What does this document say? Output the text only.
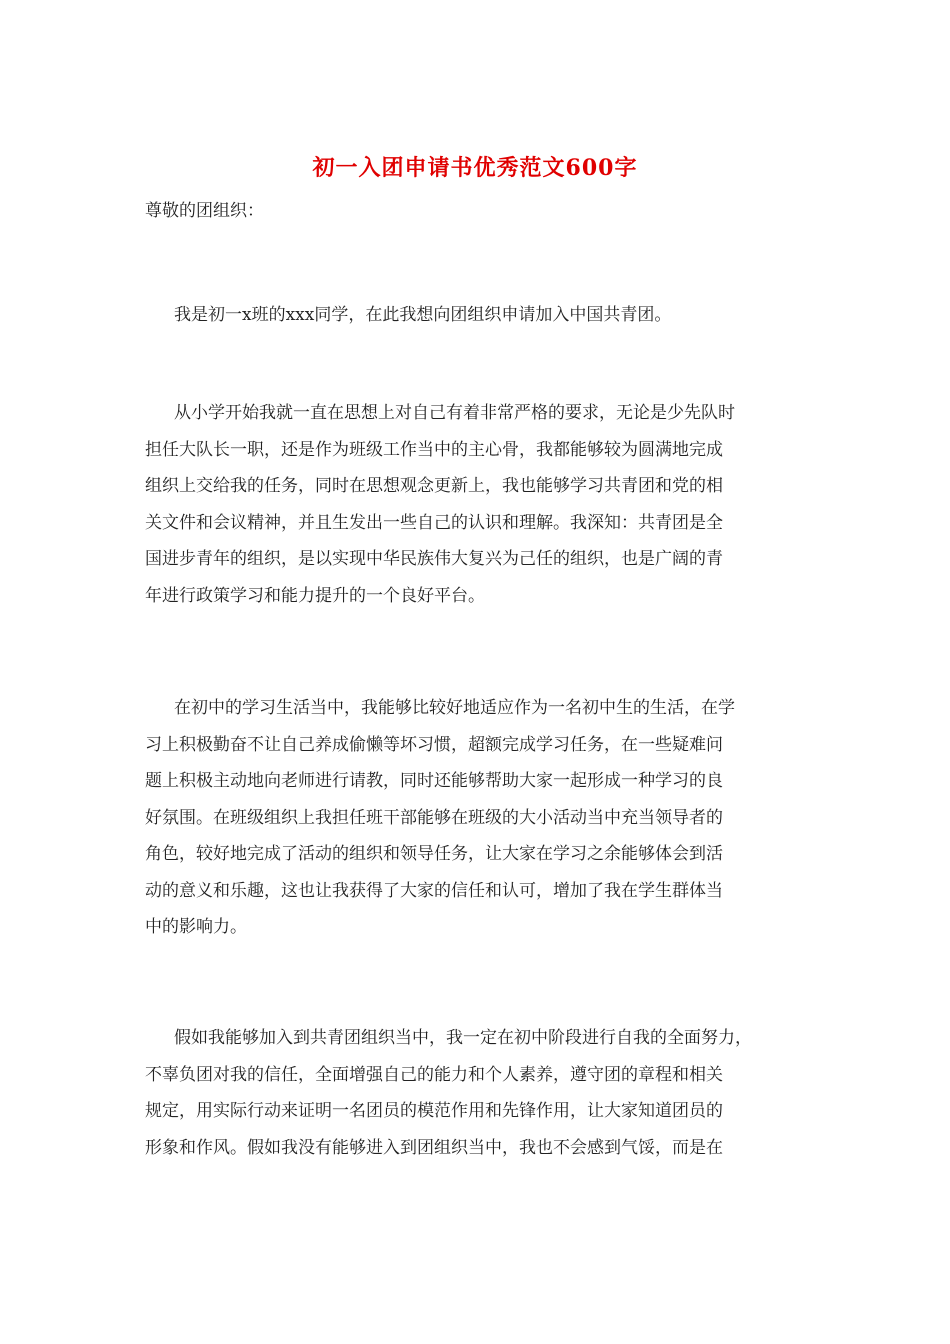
初一入团申请书优秀范文600字
尊敬的团组织：
我是初一x班的xxx同学，在此我想向团组织申请加入中国共青团。
从小学开始我就一直在思想上对自己有着非常严格的要求，无论是少先队时
担任大队长一职，还是作为班级工作当中的主心骨，我都能够较为圆满地完成
组织上交给我的任务，同时在思想观念更新上，我也能够学习共青团和党的相
关文件和会议精神，并且生发出一些自己的认识和理解。我深知：共青团是全
国进步青年的组织，是以实现中华民族伟大复兴为己任的组织，也是广阔的青
年进行政策学习和能力提升的一个良好平台。
在初中的学习生活当中，我能够比较好地适应作为一名初中生的生活，在学
习上积极勤奋不让自己养成偷懒等坏习惯，超额完成学习任务，在一些疑难问
题上积极主动地向老师进行请教，同时还能够帮助大家一起形成一种学习的良
好氛围。在班级组织上我担任班干部能够在班级的大小活动当中充当领导者的
角色，较好地完成了活动的组织和领导任务，让大家在学习之余能够体会到活
动的意义和乐趣，这也让我获得了大家的信任和认可，增加了我在学生群体当
中的影响力。
假如我能够加入到共青团组织当中，我一定在初中阶段进行自我的全面努力，
不辜负团对我的信任，全面增强自己的能力和个人素养，遵守团的章程和相关
规定，用实际行动来证明一名团员的模范作用和先锋作用，让大家知道团员的
形象和作风。假如我没有能够进入到团组织当中，我也不会感到气馁，而是在
